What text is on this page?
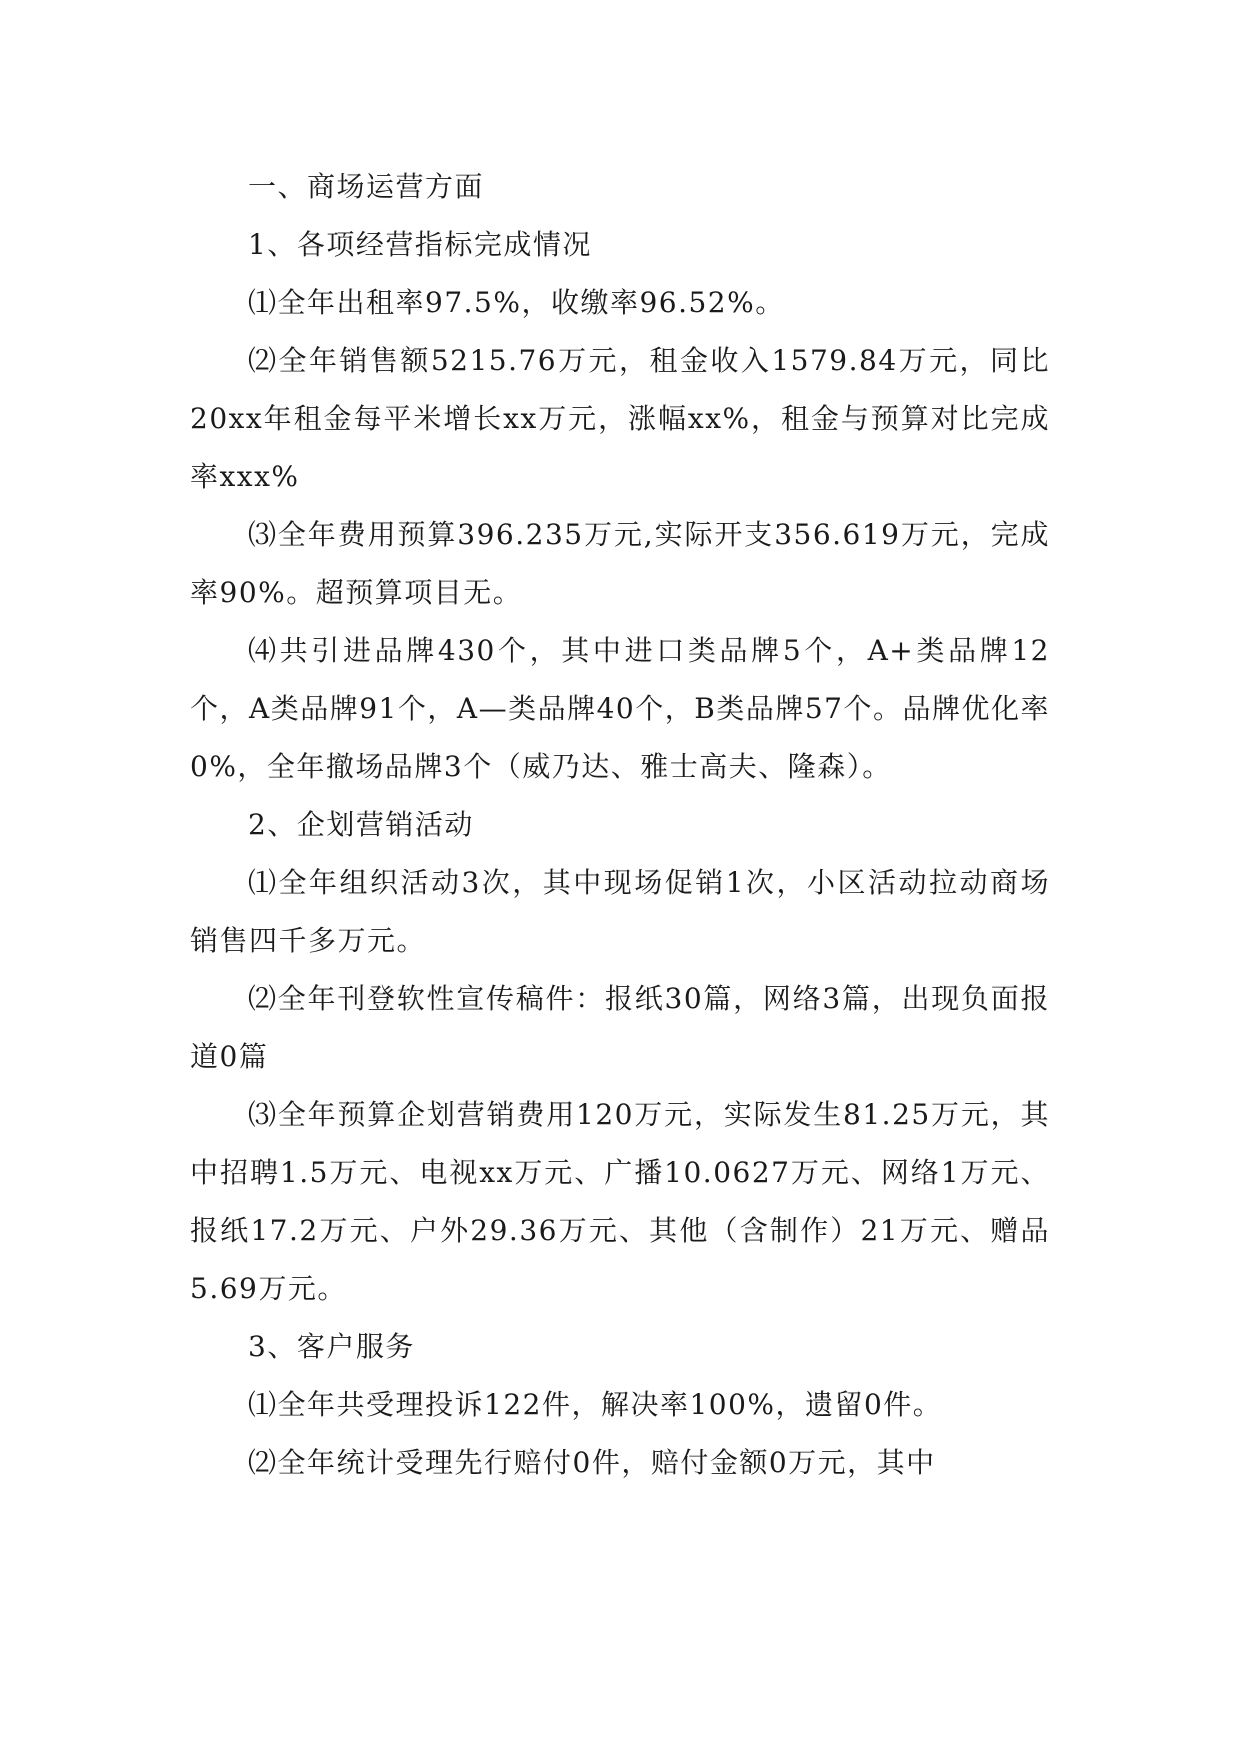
一、商场运营方面

1、各项经营指标完成情况

⑴全年出租率97.5%，收缴率96.52%。

⑵全年销售额5215.76万元，租金收入1579.84万元，同比20xx年租金每平米增长xx万元，涨幅xx%，租金与预算对比完成率xxx%

⑶全年费用预算396.235万元,实际开支356.619万元，完成率90%。超预算项目无。

⑷共引进品牌430个，其中进口类品牌5个，A+类品牌12个，A类品牌91个，A—类品牌40个，B类品牌57个。品牌优化率0%，全年撤场品牌3个（威乃达、雅士高夫、隆森）。

2、企划营销活动

⑴全年组织活动3次，其中现场促销1次，小区活动拉动商场销售四千多万元。

⑵全年刊登软性宣传稿件：报纸30篇，网络3篇，出现负面报道0篇

⑶全年预算企划营销费用120万元，实际发生81.25万元，其中招聘1.5万元、电视xx万元、广播10.0627万元、网络1万元、报纸17.2万元、户外29.36万元、其他（含制作）21万元、赠品5.69万元。

3、客户服务

⑴全年共受理投诉122件，解决率100%，遗留0件。

⑵全年统计受理先行赔付0件，赔付金额0万元，其中
